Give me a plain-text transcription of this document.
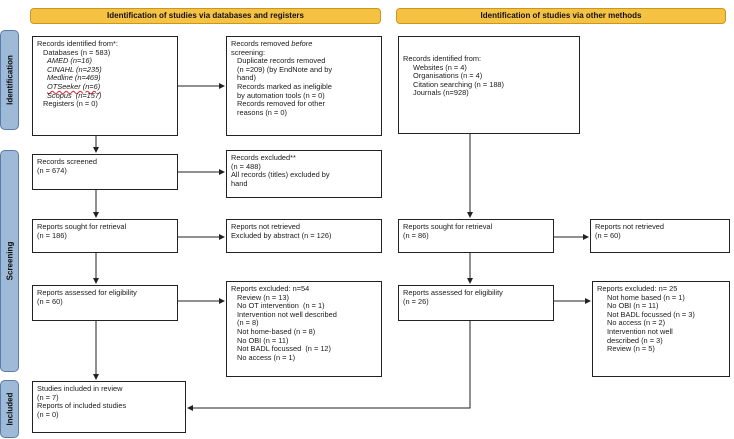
Identification of studies via databases and registers	Identification of studies via other methods
Identification
Screening
Included
Records identified from*:
Databases (n = 583)
AMED (n=16)
CINAHL (n=235)
Medline (n=469)
OTSeeker (n=6)
Scopus  (n=157)
Registers (n = 0)
Records removed before
screening:
Duplicate records removed
(n =209) (by EndNote and by
hand)
Records marked as ineligible
by automation tools (n = 0)
Records removed for other
reasons (n = 0)
Records identified from:
Websites (n = 4)
Organisations (n = 4)
Citation searching (n = 188)
Journals (n=928)
Records screened
(n = 674)
Records excluded**
(n = 488)
All records (titles) excluded by
hand
Reports sought for retrieval
(n = 186)
Reports not retrieved
Excluded by abstract (n = 126)
Reports sought for retrieval
(n = 86)
Reports not retrieved
(n = 60)
Reports assessed for eligibility
(n = 60)
Reports excluded: n=54
Review (n = 13)
No OT intervention  (n = 1)
Intervention not well described
(n = 8)
Not home-based (n = 8)
No OBI (n = 11)
Not BADL focussed  (n = 12)
No access (n = 1)
Reports assessed for eligibility
(n = 26)
Reports excluded: n= 25
Not home based (n = 1)
No OBI (n = 11)
Not BADL focussed (n = 3)
No access (n = 2)
Intervention not well
described (n = 3)
Review (n = 5)
Studies included in review
(n = 7)
Reports of included studies
(n = 0)
